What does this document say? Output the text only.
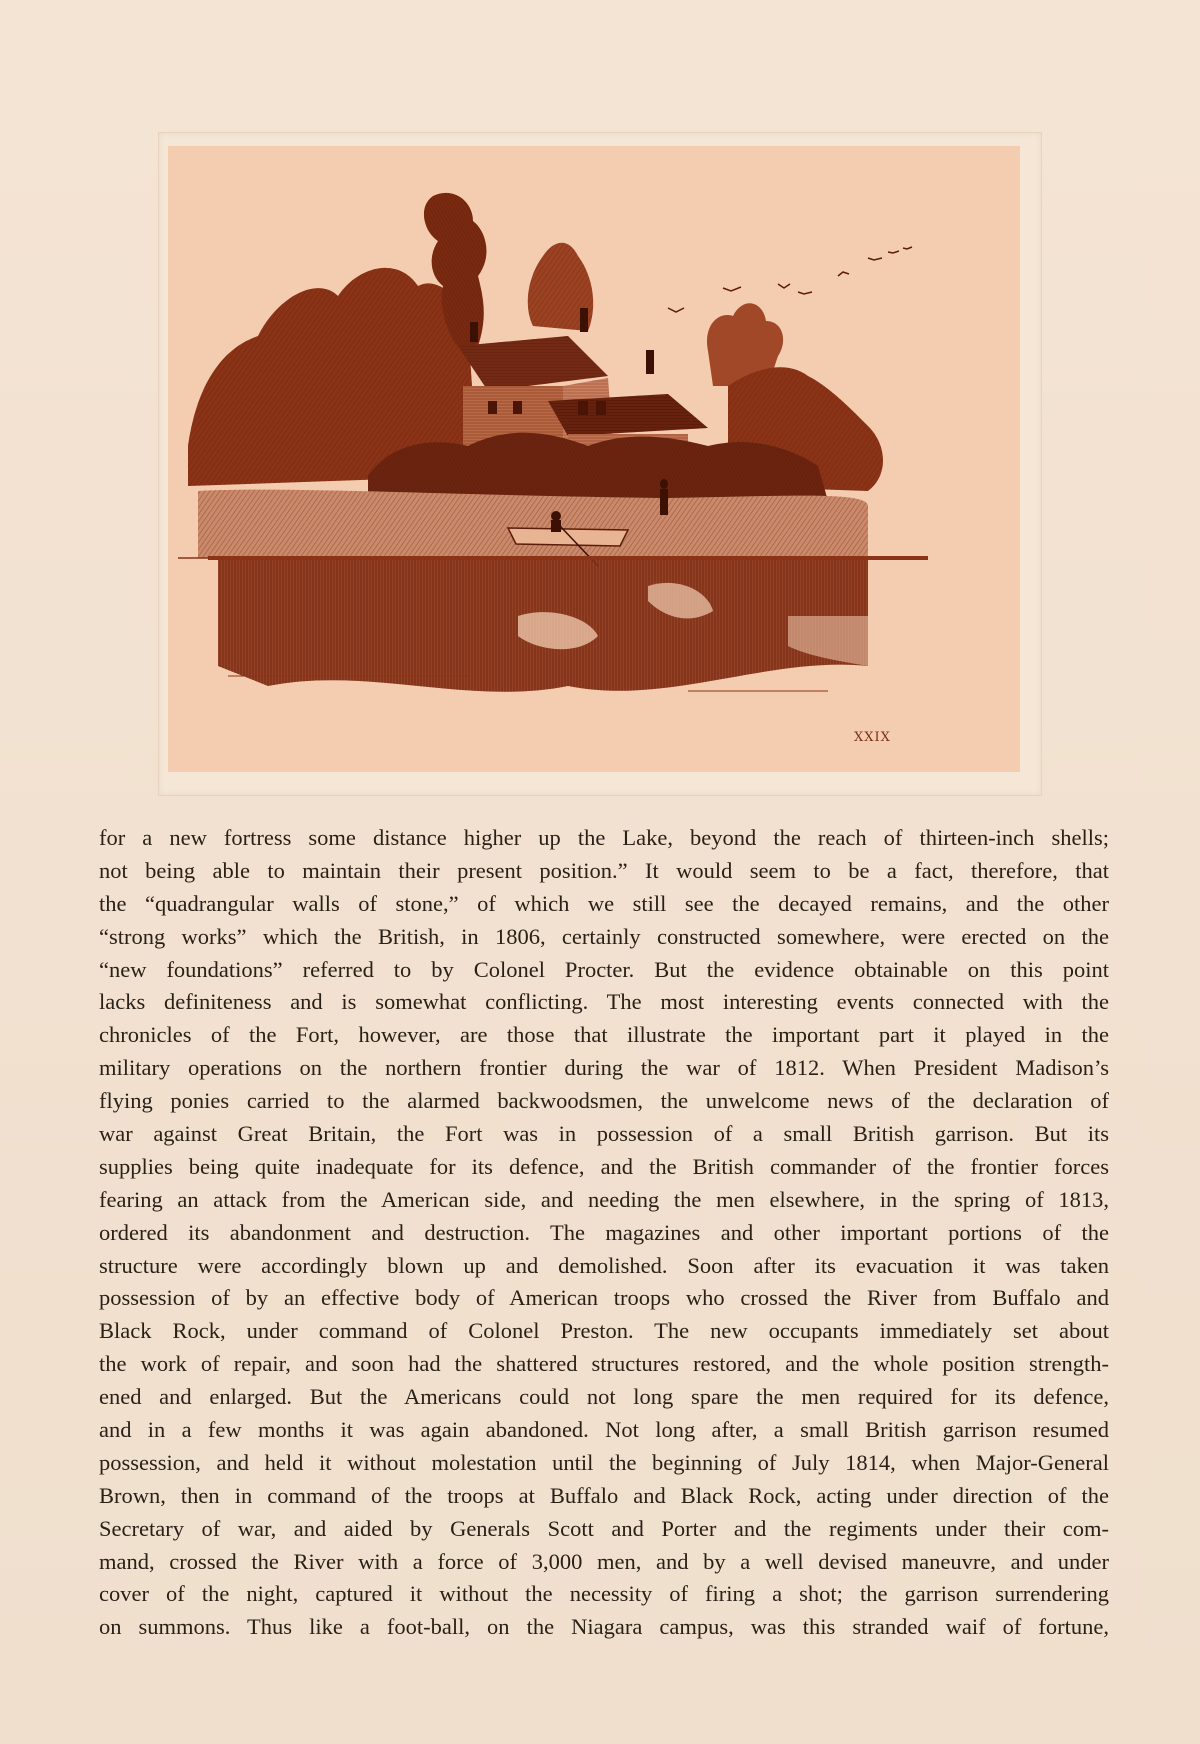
XXIX
for a new fortress some distance higher up the Lake, beyond the reach of thirteen-inch shells;
not being able to maintain their present position.” It would seem to be a fact, therefore, that
the “quadrangular walls of stone,” of which we still see the decayed remains, and the other
“strong works” which the British, in 1806, certainly constructed somewhere, were erected on the
“new foundations” referred to by Colonel Procter. But the evidence obtainable on this point
lacks definiteness and is somewhat conflicting. The most interesting events connected with the
chronicles of the Fort, however, are those that illustrate the important part it played in the
military operations on the northern frontier during the war of 1812. When President Madison’s
flying ponies carried to the alarmed backwoodsmen, the unwelcome news of the declaration of
war against Great Britain, the Fort was in possession of a small British garrison. But its
supplies being quite inadequate for its defence, and the British commander of the frontier forces
fearing an attack from the American side, and needing the men elsewhere, in the spring of 1813,
ordered its abandonment and destruction. The magazines and other important portions of the
structure were accordingly blown up and demolished. Soon after its evacuation it was taken
possession of by an effective body of American troops who crossed the River from Buffalo and
Black Rock, under command of Colonel Preston. The new occupants immediately set about
the work of repair, and soon had the shattered structures restored, and the whole position strength-
ened and enlarged. But the Americans could not long spare the men required for its defence,
and in a few months it was again abandoned. Not long after, a small British garrison resumed
possession, and held it without molestation until the beginning of July 1814, when Major-General
Brown, then in command of the troops at Buffalo and Black Rock, acting under direction of the
Secretary of war, and aided by Generals Scott and Porter and the regiments under their com-
mand, crossed the River with a force of 3,000 men, and by a well devised maneuvre, and under
cover of the night, captured it without the necessity of firing a shot; the garrison surrendering
on summons. Thus like a foot-ball, on the Niagara campus, was this stranded waif of fortune,
